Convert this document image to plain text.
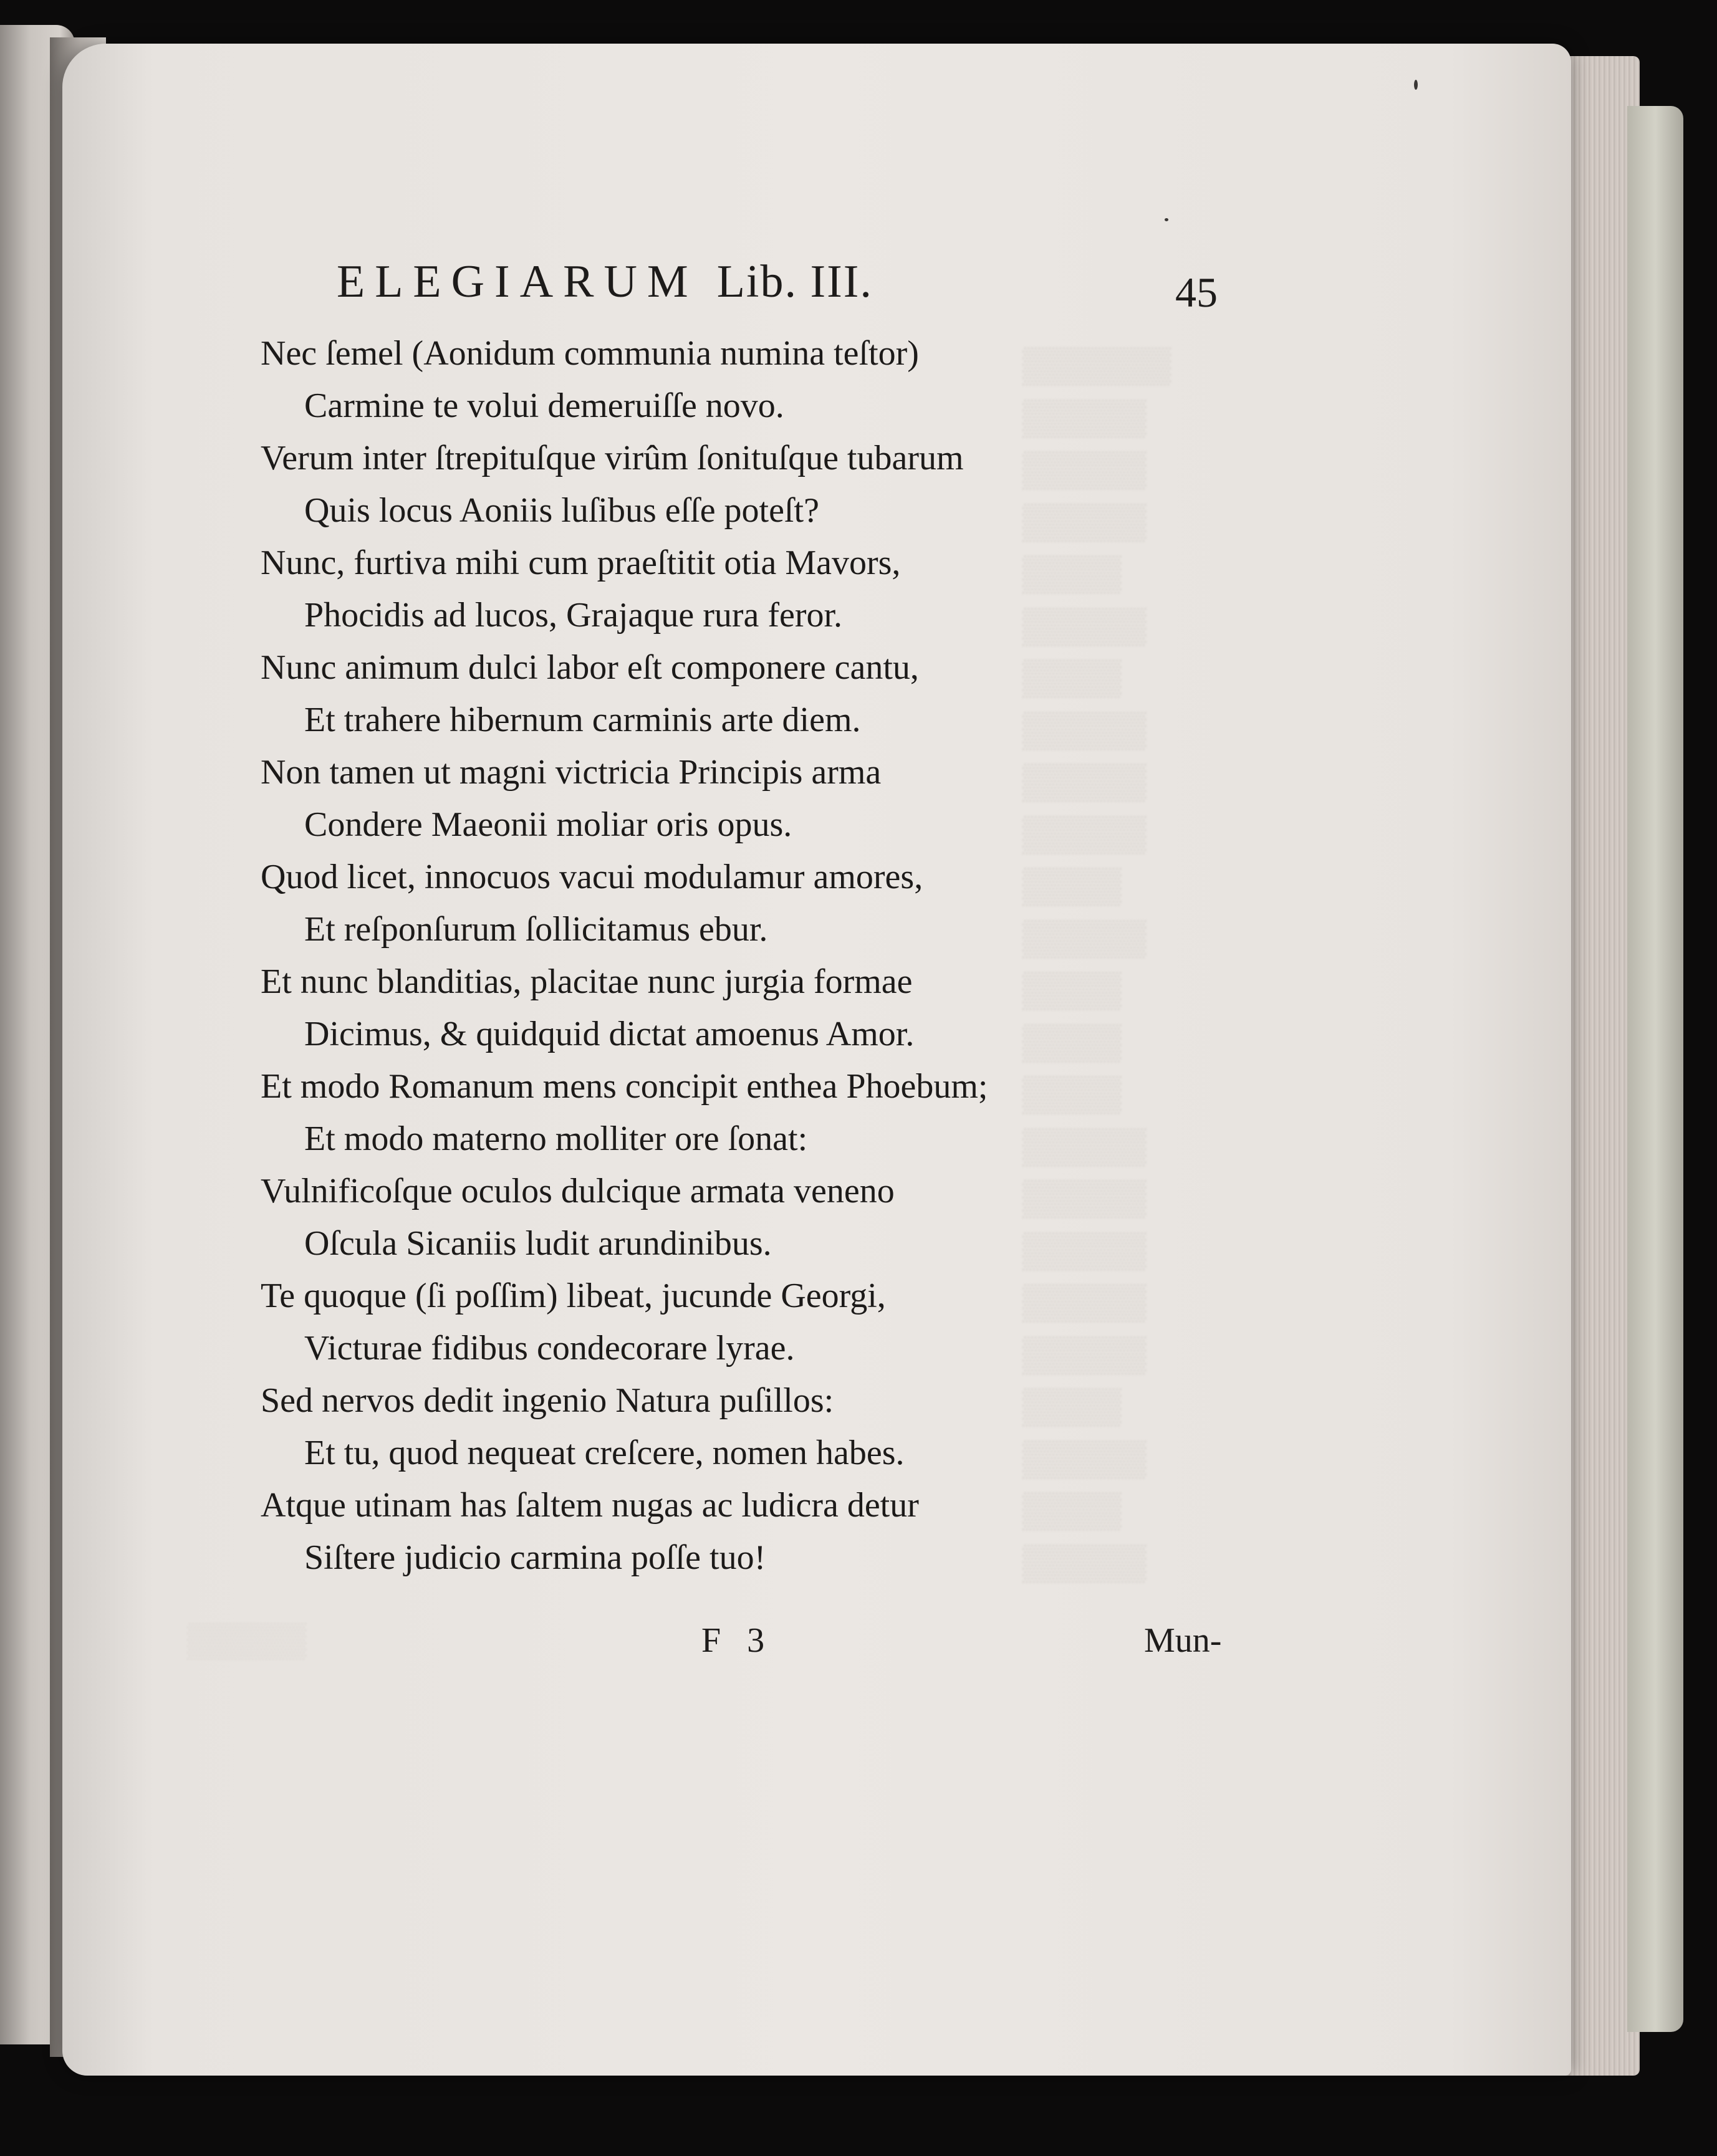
▒▒▒▒▒▒
▒▒▒▒▒
▒▒▒▒▒
▒▒▒▒▒
▒▒▒▒
▒▒▒▒▒
▒▒▒▒
▒▒▒▒▒
▒▒▒▒▒
▒▒▒▒▒
▒▒▒▒
▒▒▒▒▒
▒▒▒▒
▒▒▒▒
▒▒▒▒
▒▒▒▒▒
▒▒▒▒▒
▒▒▒▒▒
▒▒▒▒▒
▒▒▒▒▒
▒▒▒▒
▒▒▒▒▒
▒▒▒▒
▒▒▒▒▒
▒▒▒▒▒
ELEGIARUM Lib. III.	45
Nec ſemel (Aonidum communia numina teſtor)
Carmine te volui demeruiſſe novo.
Verum inter ſtrepituſque virûm ſonituſque tubarum
Quis locus Aoniis luſibus eſſe poteſt?
Nunc, furtiva mihi cum praeſtitit otia Mavors,
Phocidis ad lucos, Grajaque rura feror.
Nunc animum dulci labor eſt componere cantu,
Et trahere hibernum carminis arte diem.
Non tamen ut magni victricia Principis arma
Condere Maeonii moliar oris opus.
Quod licet, innocuos vacui modulamur amores,
Et reſponſurum ſollicitamus ebur.
Et nunc blanditias, placitae nunc jurgia formae
Dicimus, & quidquid dictat amoenus Amor.
Et modo Romanum mens concipit enthea Phoebum;
Et modo materno molliter ore ſonat:
Vulnificoſque oculos dulcique armata veneno
Oſcula Sicaniis ludit arundinibus.
Te quoque (ſi poſſim) libeat, jucunde Georgi,
Victurae fidibus condecorare lyrae.
Sed nervos dedit ingenio Natura puſillos:
Et tu, quod nequeat creſcere, nomen habes.
Atque utinam has ſaltem nugas ac ludicra detur
Siſtere judicio carmina poſſe tuo!
F 3	Mun-
